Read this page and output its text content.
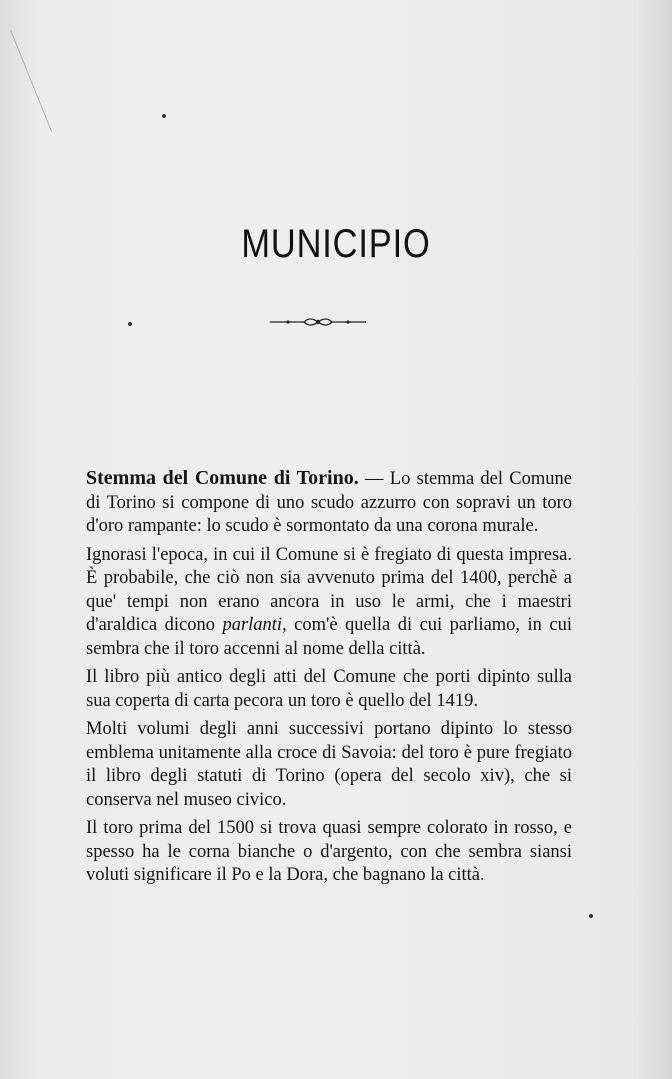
MUNICIPIO

Stemma del Comune di Torino. — Lo stemma del Comune di Torino si compone di uno scudo azzurro con sopravi un toro d'oro rampante: lo scudo è sormontato da una corona murale.

Ignorasi l'epoca, in cui il Comune si è fregiato di questa impresa. È probabile, che ciò non sia avvenuto prima del 1400, perchè a que' tempi non erano ancora in uso le armi, che i maestri d'araldica dicono parlanti, com'è quella di cui parliamo, in cui sembra che il toro accenni al nome della città.

Il libro più antico degli atti del Comune che porti dipinto sulla sua coperta di carta pecora un toro è quello del 1419.

Molti volumi degli anni successivi portano dipinto lo stesso emblema unitamente alla croce di Savoia: del toro è pure fregiato il libro degli statuti di Torino (opera del secolo xiv), che si conserva nel museo civico.

Il toro prima del 1500 si trova quasi sempre colorato in rosso, e spesso ha le corna bianche o d'argento, con che sembra siansi voluti significare il Po e la Dora, che bagnano la città.
